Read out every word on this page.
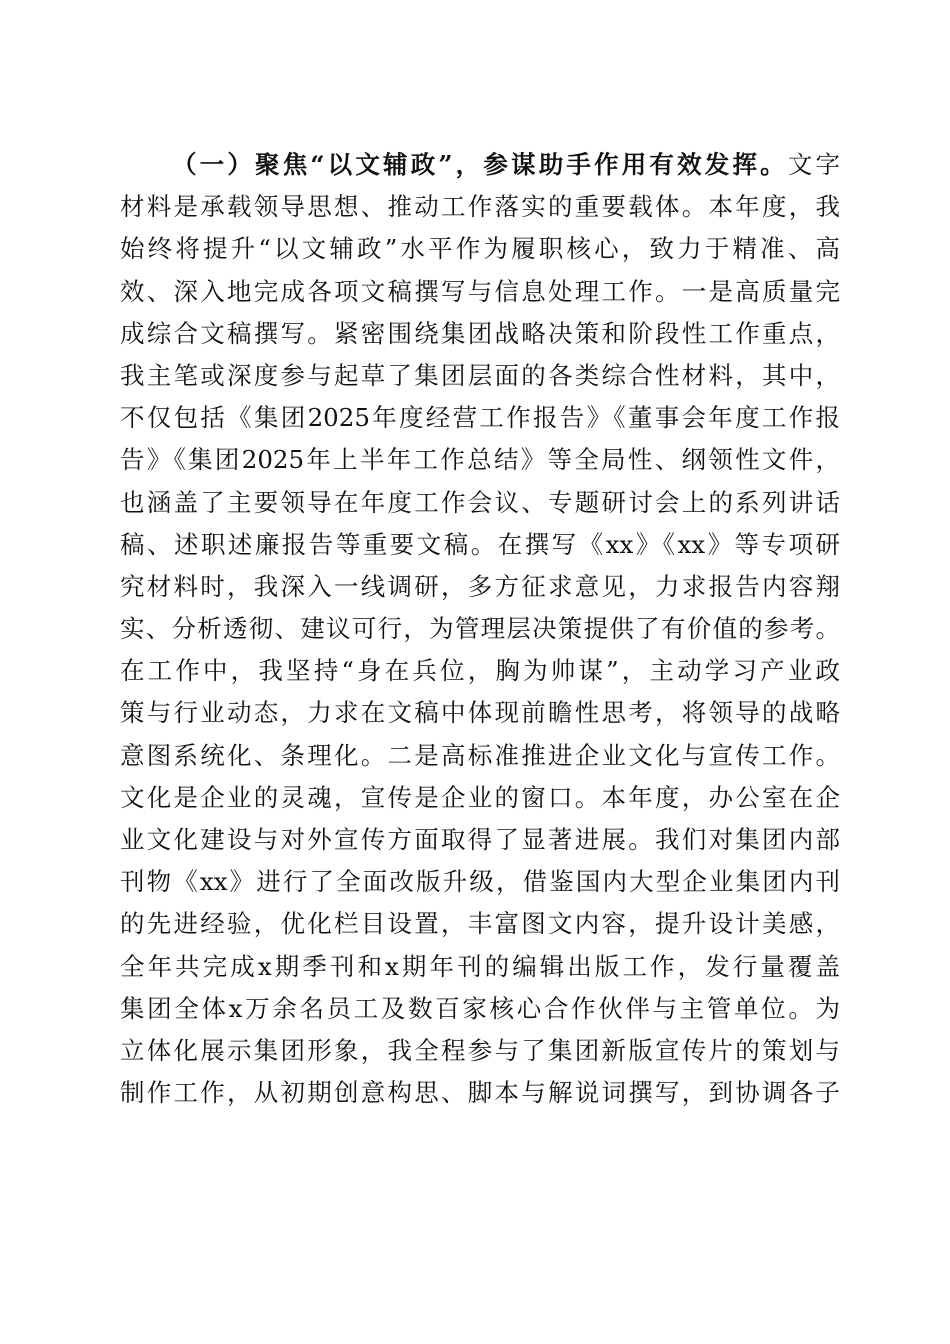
（一）聚焦“以文辅政”，参谋助手作用有效发挥。文字
材料是承载领导思想、推动工作落实的重要载体。本年度，我
始终将提升“以文辅政”水平作为履职核心，致力于精准、高
效、深入地完成各项文稿撰写与信息处理工作。一是高质量完
成综合文稿撰写。紧密围绕集团战略决策和阶段性工作重点，
我主笔或深度参与起草了集团层面的各类综合性材料，其中，
不仅包括《集团2025年度经营工作报告》《董事会年度工作报
告》《集团2025年上半年工作总结》等全局性、纲领性文件，
也涵盖了主要领导在年度工作会议、专题研讨会上的系列讲话
稿、述职述廉报告等重要文稿。在撰写《xx》《xx》等专项研
究材料时，我深入一线调研，多方征求意见，力求报告内容翔
实、分析透彻、建议可行，为管理层决策提供了有价值的参考。
在工作中，我坚持“身在兵位，胸为帅谋”，主动学习产业政
策与行业动态，力求在文稿中体现前瞻性思考，将领导的战略
意图系统化、条理化。二是高标准推进企业文化与宣传工作。
文化是企业的灵魂，宣传是企业的窗口。本年度，办公室在企
业文化建设与对外宣传方面取得了显著进展。我们对集团内部
刊物《xx》进行了全面改版升级，借鉴国内大型企业集团内刊
的先进经验，优化栏目设置，丰富图文内容，提升设计美感，
全年共完成x期季刊和x期年刊的编辑出版工作，发行量覆盖
集团全体x万余名员工及数百家核心合作伙伴与主管单位。为
立体化展示集团形象，我全程参与了集团新版宣传片的策划与
制作工作，从初期创意构思、脚本与解说词撰写，到协调各子
